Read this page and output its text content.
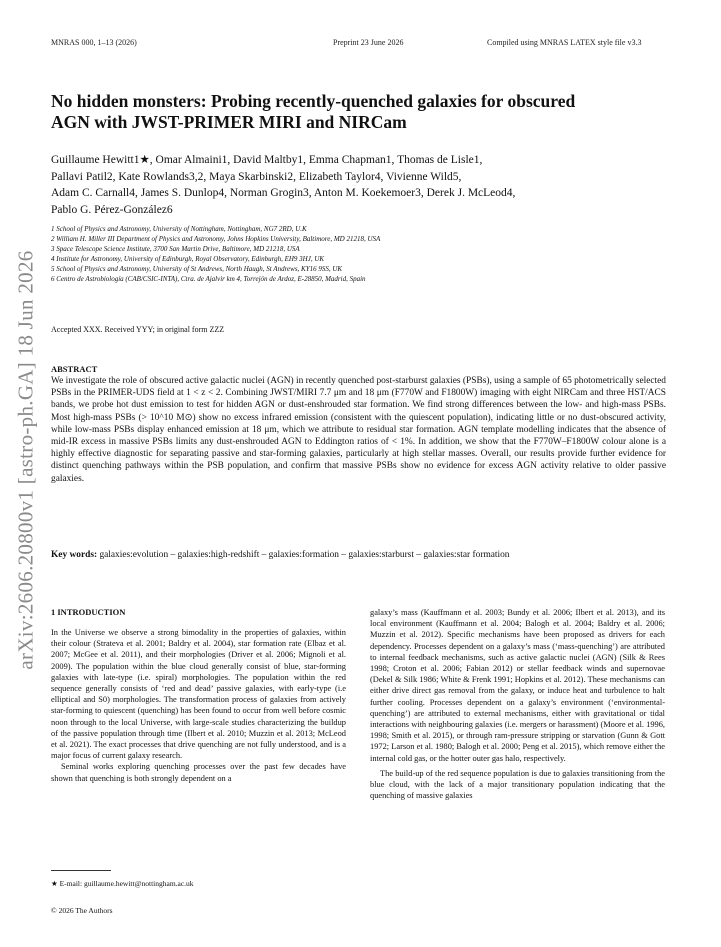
MNRAS 000, 1–13 (2026)	Preprint 23 June 2026	Compiled using MNRAS LATEX style file v3.3
arXiv:2606.20800v1 [astro-ph.GA] 18 Jun 2026
No hidden monsters: Probing recently-quenched galaxies for obscured
AGN with JWST-PRIMER MIRI and NIRCam
Guillaume Hewitt1★, Omar Almaini1, David Maltby1, Emma Chapman1, Thomas de Lisle1,
Pallavi Patil2, Kate Rowlands3,2, Maya Skarbinski2, Elizabeth Taylor4, Vivienne Wild5,
Adam C. Carnall4, James S. Dunlop4, Norman Grogin3, Anton M. Koekemoer3, Derek J. McLeod4,
Pablo G. Pérez-González6
1 School of Physics and Astronomy, University of Nottingham, Nottingham, NG7 2RD, U.K
2 William H. Miller III Department of Physics and Astronomy, Johns Hopkins University, Baltimore, MD 21218, USA
3 Space Telescope Science Institute, 3700 San Martin Drive, Baltimore, MD 21218, USA
4 Institute for Astronomy, University of Edinburgh, Royal Observatory, Edinburgh, EH9 3HJ, UK
5 School of Physics and Astronomy, University of St Andrews, North Haugh, St Andrews, KY16 9SS, UK
6 Centro de Astrobiología (CAB/CSIC-INTA), Ctra. de Ajalvir km 4, Torrejón de Ardoz, E-28850, Madrid, Spain
Accepted XXX. Received YYY; in original form ZZZ
ABSTRACT
We investigate the role of obscured active galactic nuclei (AGN) in recently quenched post-starburst galaxies (PSBs), using a sample of 65 photometrically selected PSBs in the PRIMER-UDS field at 1 < z < 2. Combining JWST/MIRI 7.7 μm and 18 μm (F770W and F1800W) imaging with eight NIRCam and three HST/ACS bands, we probe hot dust emission to test for hidden AGN or dust-enshrouded star formation. We find strong differences between the low- and high-mass PSBs. Most high-mass PSBs (> 10^10 M⊙) show no excess infrared emission (consistent with the quiescent population), indicating little or no dust-obscured activity, while low-mass PSBs display enhanced emission at 18 μm, which we attribute to residual star formation. AGN template modelling indicates that the absence of mid-IR excess in massive PSBs limits any dust-enshrouded AGN to Eddington ratios of < 1%. In addition, we show that the F770W–F1800W colour alone is a highly effective diagnostic for separating passive and star-forming galaxies, particularly at high stellar masses. Overall, our results provide further evidence for distinct quenching pathways within the PSB population, and confirm that massive PSBs show no evidence for excess AGN activity relative to older passive galaxies.
Key words: galaxies:evolution – galaxies:high-redshift – galaxies:formation – galaxies:starburst – galaxies:star formation
1 INTRODUCTION

In the Universe we observe a strong bimodality in the properties of galaxies, within their colour (Strateva et al. 2001; Baldry et al. 2004), star formation rate (Elbaz et al. 2007; McGee et al. 2011), and their morphologies (Driver et al. 2006; Mignoli et al. 2009). The population within the blue cloud generally consist of blue, star-forming galaxies with late-type (i.e. spiral) morphologies. The population within the red sequence generally consists of ‘red and dead’ passive galaxies, with early-type (i.e elliptical and S0) morphologies. The transformation process of galaxies from actively star-forming to quiescent (quenching) has been found to occur from well before cosmic noon through to the local Universe, with large-scale studies characterizing the buildup of the passive population through time (Ilbert et al. 2010; Muzzin et al. 2013; McLeod et al. 2021). The exact processes that drive quenching are not fully understood, and is a major focus of current galaxy research.

Seminal works exploring quenching processes over the past few decades have shown that quenching is both strongly dependent on a

galaxy’s mass (Kauffmann et al. 2003; Bundy et al. 2006; Ilbert et al. 2013), and its local environment (Kauffmann et al. 2004; Balogh et al. 2004; Baldry et al. 2006; Muzzin et al. 2012). Specific mechanisms have been proposed as drivers for each dependency. Processes dependent on a galaxy’s mass (‘mass-quenching’) are attributed to internal feedback mechanisms, such as active galactic nuclei (AGN) (Silk & Rees 1998; Croton et al. 2006; Fabian 2012) or stellar feedback winds and supernovae (Dekel & Silk 1986; White & Frenk 1991; Hopkins et al. 2012). These mechanisms can either drive direct gas removal from the galaxy, or induce heat and turbulence to halt further cooling. Processes dependent on a galaxy’s environment (‘environmental-quenching’) are attributed to external mechanisms, either with gravitational or tidal interactions with neighbouring galaxies (i.e. mergers or harassment) (Moore et al. 1996, 1998; Smith et al. 2015), or through ram-pressure stripping or starvation (Gunn & Gott 1972; Larson et al. 1980; Balogh et al. 2000; Peng et al. 2015), which remove either the internal cold gas, or the hotter outer gas halo, respectively.

The build-up of the red sequence population is due to galaxies transitioning from the blue cloud, with the lack of a major transitionary population indicating that the quenching of massive galaxies

★ E-mail: guillaume.hewitt@nottingham.ac.uk
© 2026 The Authors
